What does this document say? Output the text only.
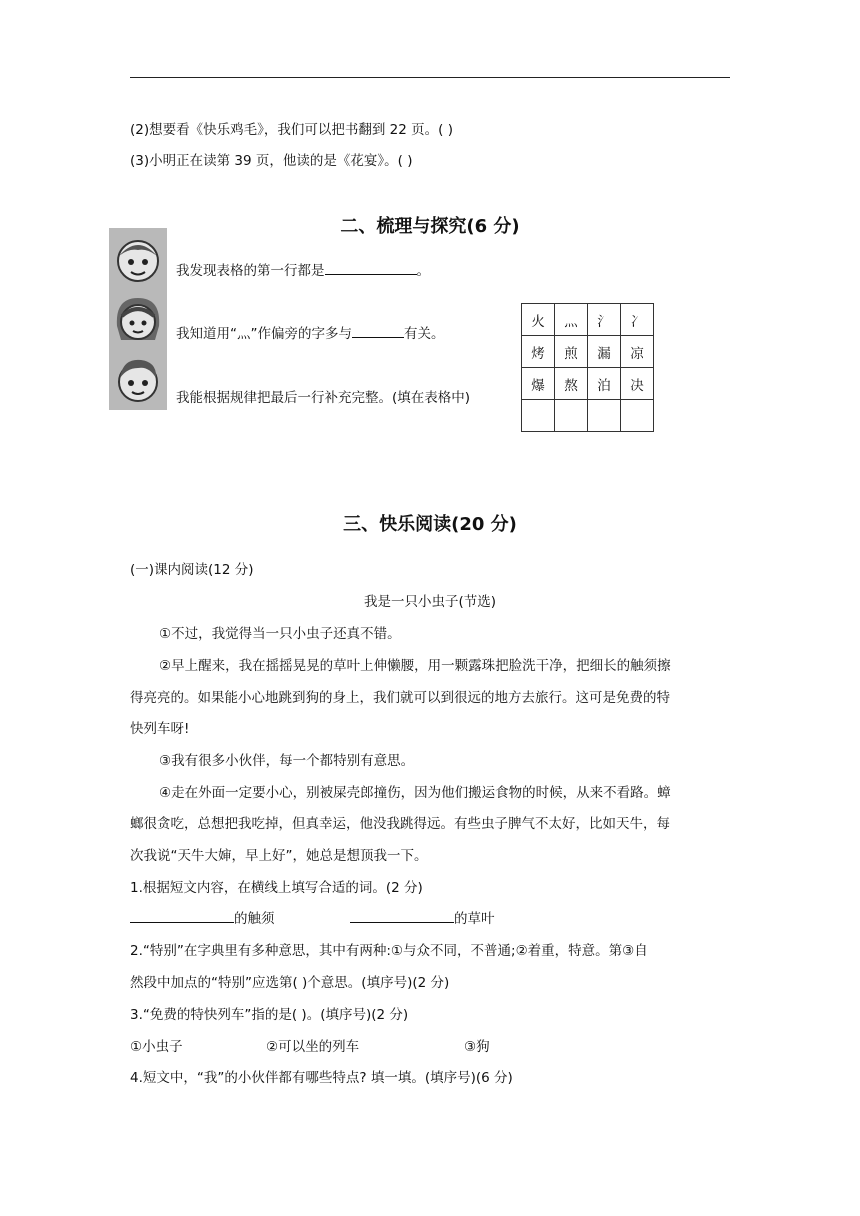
(2)想要看《快乐鸡毛》，我们可以把书翻到 22 页。( )
(3)小明正在读第 39 页，他读的是《花宴》。( )
二、梳理与探究(6 分)
我发现表格的第一行都是	。
我知道用“灬”作偏旁的字多与	有关。
我能根据规律把最后一行补充完整。(填在表格中)
火	灬	氵	冫
烤	煎	漏	凉
爆	熬	泊	决

三、快乐阅读(20 分)
(一)课内阅读(12 分)
我是一只小虫子(节选)
①不过，我觉得当一只小虫子还真不错。
②早上醒来，我在摇摇晃晃的草叶上伸懒腰，用一颗露珠把脸洗干净，把细长的触须擦
得亮亮的。如果能小心地跳到狗的身上，我们就可以到很远的地方去旅行。这可是免费的特
快列车呀!
③我有很多小伙伴，每一个都特别有意思。
④走在外面一定要小心，别被屎壳郎撞伤，因为他们搬运食物的时候，从来不看路。蟑
螂很贪吃，总想把我吃掉，但真幸运，他没我跳得远。有些虫子脾气不太好，比如天牛，每
次我说“天牛大婶，早上好”，她总是想顶我一下。
1.根据短文内容，在横线上填写合适的词。(2 分)
的触须	的草叶
2.“特别”在字典里有多种意思，其中有两种:①与众不同，不普通;②着重，特意。第③自
然段中加点的“特别”应选第( )个意思。(填序号)(2 分)
3.“免费的特快列车”指的是( )。(填序号)(2 分)
①小虫子	②可以坐的列车	③狗
4.短文中，“我”的小伙伴都有哪些特点? 填一填。(填序号)(6 分)
